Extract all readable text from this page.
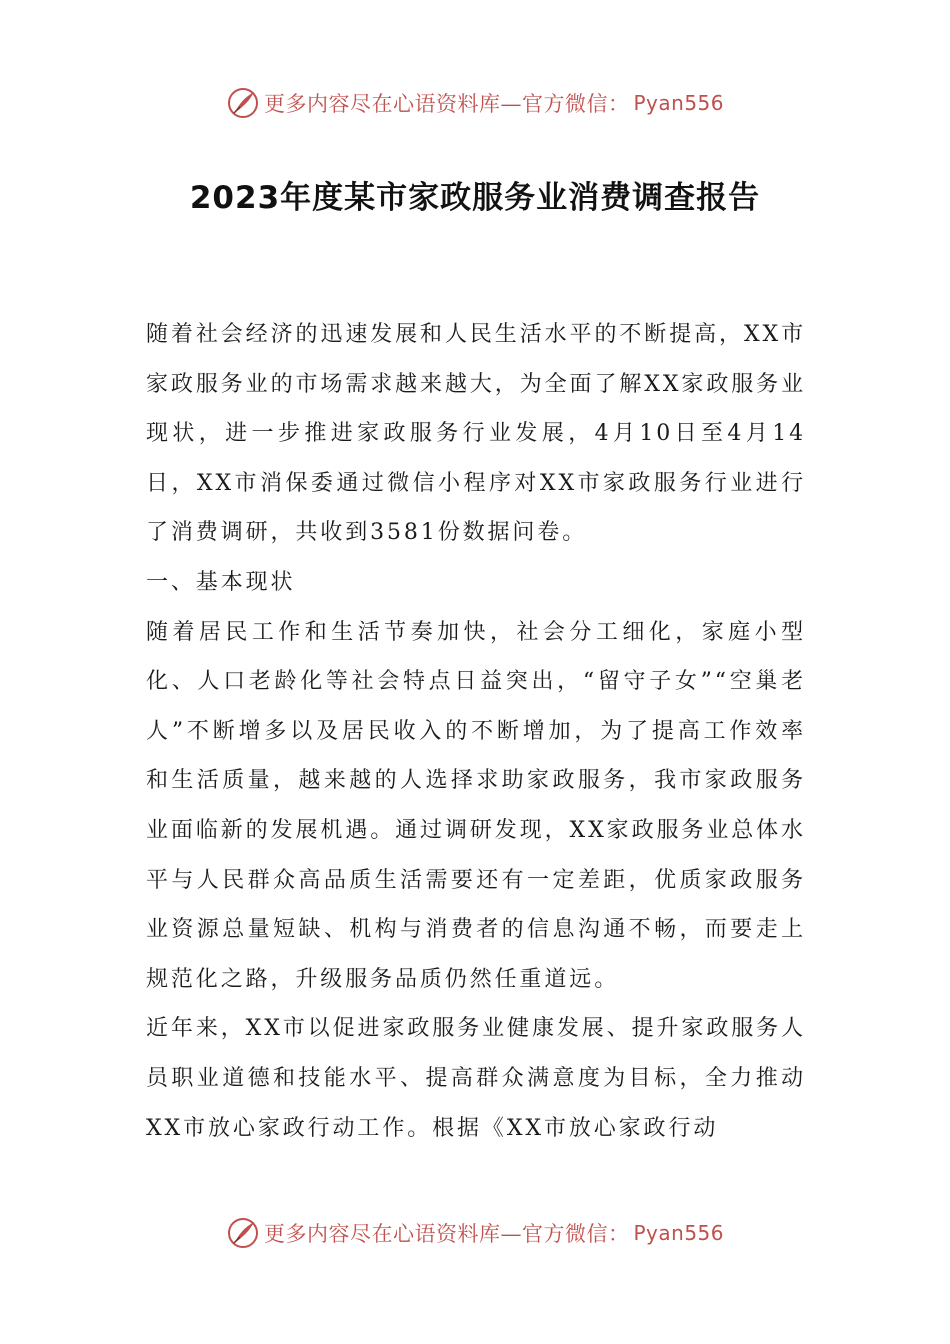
更多内容尽在心语资料库—官方微信： Pyan556
2023年度某市家政服务业消费调查报告

随着社会经济的迅速发展和人民生活水平的不断提高，XX市家政服务业的市场需求越来越大，为全面了解XX家政服务业现状，进一步推进家政服务行业发展，4月10日至4月14日，XX市消保委通过微信小程序对XX市家政服务行业进行了消费调研，共收到3581份数据问卷。

一、基本现状

随着居民工作和生活节奏加快，社会分工细化，家庭小型化、人口老龄化等社会特点日益突出，“留守子女”“空巢老人”不断增多以及居民收入的不断增加，为了提高工作效率和生活质量，越来越的人选择求助家政服务，我市家政服务业面临新的发展机遇。通过调研发现，XX家政服务业总体水平与人民群众高品质生活需要还有一定差距，优质家政服务业资源总量短缺、机构与消费者的信息沟通不畅，而要走上规范化之路，升级服务品质仍然任重道远。

近年来，XX市以促进家政服务业健康发展、提升家政服务人员职业道德和技能水平、提高群众满意度为目标，全力推动XX市放心家政行动工作。根据《XX市放心家政行动

更多内容尽在心语资料库—官方微信： Pyan556
